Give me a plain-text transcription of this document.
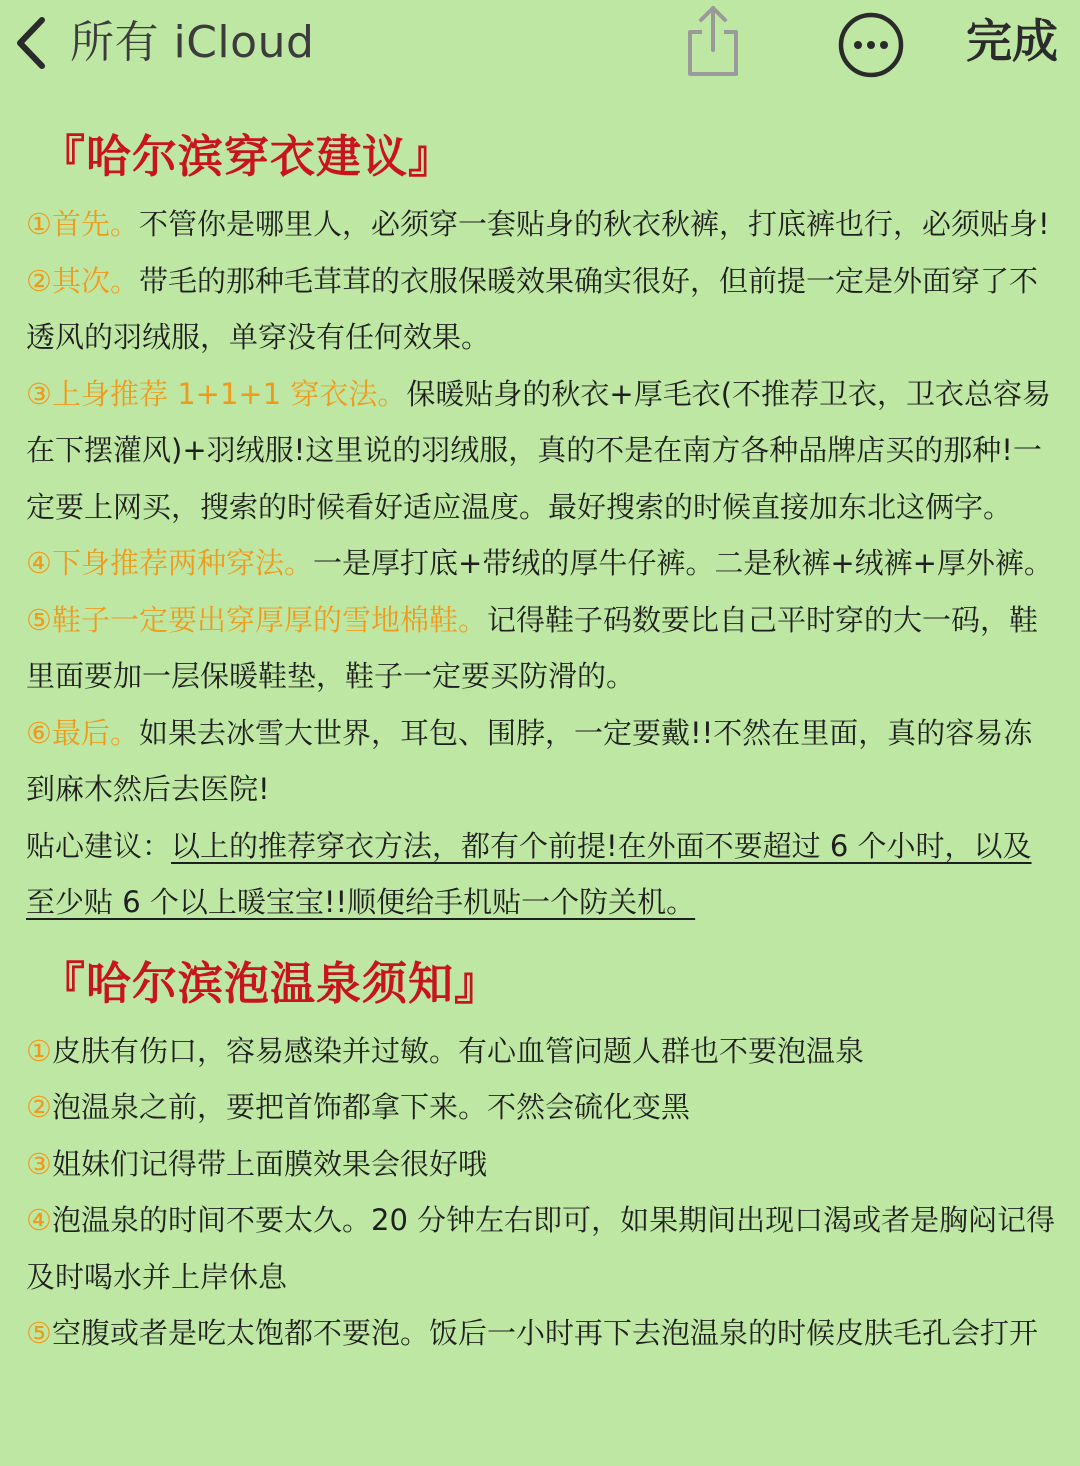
所有 iCloud	完成
『哈尔滨穿衣建议』

①首先。不管你是哪里人，必须穿一套贴身的秋衣秋裤，打底裤也行，必须贴身!

②其次。带毛的那种毛茸茸的衣服保暖效果确实很好，但前提一定是外面穿了不透风的羽绒服，单穿没有任何效果。

③上身推荐 1+1+1 穿衣法。保暖贴身的秋衣+厚毛衣(不推荐卫衣，卫衣总容易在下摆灌风)+羽绒服!这里说的羽绒服，真的不是在南方各种品牌店买的那种!一定要上网买，搜索的时候看好适应温度。最好搜索的时候直接加东北这俩字。

④下身推荐两种穿法。一是厚打底+带绒的厚牛仔裤。二是秋裤+绒裤+厚外裤。

⑤鞋子一定要出穿厚厚的雪地棉鞋。记得鞋子码数要比自己平时穿的大一码，鞋里面要加一层保暖鞋垫，鞋子一定要买防滑的。

⑥最后。如果去冰雪大世界，耳包、围脖，一定要戴!!不然在里面，真的容易冻到麻木然后去医院!

贴心建议：以上的推荐穿衣方法，都有个前提!在外面不要超过 6 个小时，以及至少贴 6 个以上暖宝宝!!顺便给手机贴一个防关机。

『哈尔滨泡温泉须知』

①皮肤有伤口，容易感染并过敏。有心血管问题人群也不要泡温泉

②泡温泉之前，要把首饰都拿下来。不然会硫化变黑

③姐妹们记得带上面膜效果会很好哦

④泡温泉的时间不要太久。20 分钟左右即可，如果期间出现口渴或者是胸闷记得及时喝水并上岸休息

⑤空腹或者是吃太饱都不要泡。饭后一小时再下去泡温泉的时候皮肤毛孔会打开
